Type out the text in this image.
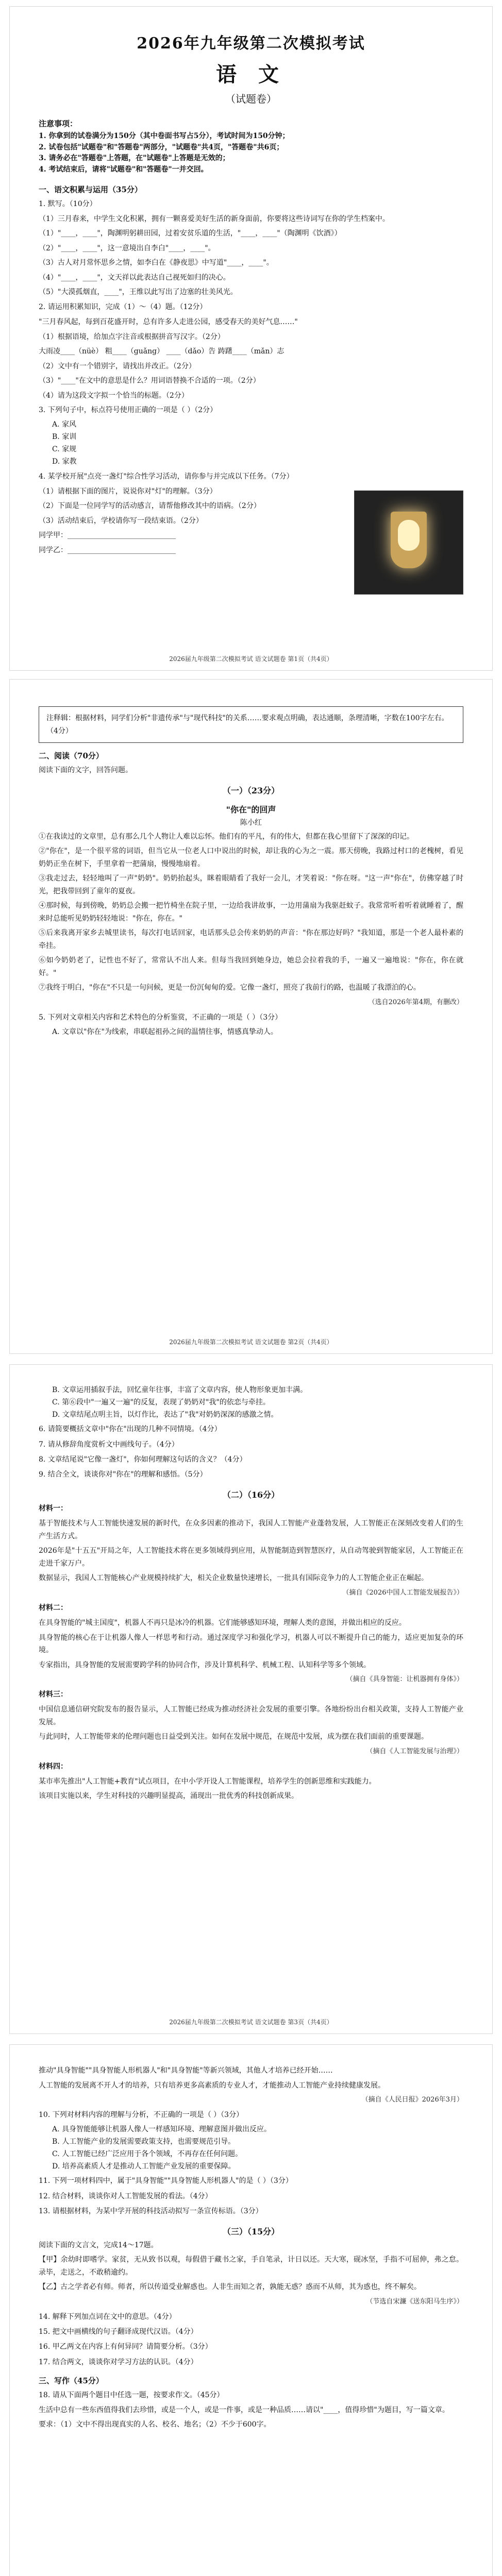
2026年九年级第二次模拟考试
语 文
（试题卷）
注意事项：
1. 你拿到的试卷满分为150分（其中卷面书写占5分），考试时间为150分钟；
2. 试卷包括"试题卷"和"答题卷"两部分，"试题卷"共4页，"答题卷"共6页；
3. 请务必在"答题卷"上答题，在"试题卷"上答题是无效的；
4. 考试结束后，请将"试题卷"和"答题卷"一并交回。
一、语文积累与运用（35分）
1. 默写。（10分）
（1）三月春来，中学生文化积累，拥有一颗喜爱美好生活的新身面前，你要将这些诗词写在你的学生档案中。
（1）"____，____"，陶渊明躬耕田园，过着安贫乐道的生活，"____，____"（陶渊明《饮酒》）
（2）"____，____"，这一意境出自李白"____，____"。
（3）古人对月常怀思乡之情，如李白在《静夜思》中写道"____，____"。
（4）"____，____"，文天祥以此表达自己视死如归的决心。
（5）"大漠孤烟直，____"，王维以此写出了边塞的壮美风光。
2. 请运用积累知识，完成（1）～（4）题。（12分）
"三月春风起，每到百花盛开时，总有许多人走进公园，感受春天的美好气息……"
（1）根据语境，给加点字注音或根据拼音写汉字。（2分）
大雨凌____（nüè） 粗____（guǎng） ____（dǎo）告 踌躇____（mǎn）志
（2）文中有一个错别字，请找出并改正。（2分）
（3）"____"在文中的意思是什么？用词语替换不合适的一项。（2分）
（4）请为这段文字拟一个恰当的标题。（2分）
3. 下列句子中，标点符号使用正确的一项是（ ）（2分）
A. 家风
B. 家训
C. 家规
D. 家教
4. 某学校开展"点亮一盏灯"综合性学习活动，请你参与并完成以下任务。（7分）
（1）请根据下面的图片，说说你对"灯"的理解。（3分）
（2）下面是一位同学写的活动感言，请帮他修改其中的语病。（2分）
（3）活动结束后，学校请你写一段结束语。（2分）
同学甲：______________________________
同学乙：______________________________
2026届九年级第二次模拟考试 语文试题卷 第1页（共4页）
注释辑：根据材料，同学们分析"非遗传承"与"现代科技"的关系……要求观点明确，表达通顺，条理清晰，字数在100字左右。（4分）
二、阅读（70分）
阅读下面的文字，回答问题。
（一）（23分）
"你在"的回声
陈小红
①在我读过的文章里，总有那么几个人物让人难以忘怀。他们有的平凡，有的伟大，但都在我心里留下了深深的印记。
②"你在"，是一个很平常的词语，但当它从一位老人口中说出的时候，却让我的心为之一震。那天傍晚，我路过村口的老槐树，看见奶奶正坐在树下，手里拿着一把蒲扇，慢慢地扇着。
③我走过去，轻轻地叫了一声"奶奶"。奶奶抬起头，眯着眼睛看了我好一会儿，才笑着说："你在呀。"这一声"你在"，仿佛穿越了时光，把我带回到了童年的夏夜。
④那时候，每到傍晚，奶奶总会搬一把竹椅坐在院子里，一边给我讲故事，一边用蒲扇为我驱赶蚊子。我常常听着听着就睡着了，醒来时总能听见奶奶轻轻地说："你在，你在。"
⑤后来我离开家乡去城里读书，每次打电话回家，电话那头总会传来奶奶的声音："你在那边好吗？"我知道，那是一个老人最朴素的牵挂。
⑥如今奶奶老了，记性也不好了，常常认不出人来。但每当我回到她身边，她总会拉着我的手，一遍又一遍地说："你在，你在就好。"
⑦我终于明白，"你在"不只是一句问候，更是一份沉甸甸的爱。它像一盏灯，照亮了我前行的路，也温暖了我漂泊的心。
（选自2026年第4期，有删改）
5. 下列对文章相关内容和艺术特色的分析鉴赏，不正确的一项是（ ）（3分）
A. 文章以"你在"为线索，串联起祖孙之间的温情往事，情感真挚动人。
2026届九年级第二次模拟考试 语文试题卷 第2页（共4页）
B. 文章运用插叙手法，回忆童年往事，丰富了文章内容，使人物形象更加丰满。
C. 第⑥段中"一遍又一遍"的反复，表现了奶奶对"我"的依恋与牵挂。
D. 文章结尾点明主旨，以灯作比，表达了"我"对奶奶深深的感激之情。
6. 请简要概括文章中"你在"出现的几种不同情境。（4分）
7. 请从修辞角度赏析文中画线句子。（4分）
8. 文章结尾说"它像一盏灯"，你如何理解这句话的含义？（4分）
9. 结合全文，谈谈你对"你在"的理解和感悟。（5分）
（二）（16分）
材料一：
基于智能技术与人工智能快速发展的新时代，在众多因素的推动下，我国人工智能产业蓬勃发展，人工智能正在深刻改变着人们的生产生活方式。
2026年是"十五五"开局之年，人工智能技术将在更多领域得到应用，从智能制造到智慧医疗，从自动驾驶到智能家居，人工智能正在走进千家万户。
数据显示，我国人工智能核心产业规模持续扩大，相关企业数量快速增长，一批具有国际竞争力的人工智能企业正在崛起。
（摘自《2026中国人工智能发展报告》）
材料二：
在具身智能的"城主国度"，机器人不再只是冰冷的机器。它们能够感知环境，理解人类的意图，并做出相应的反应。
具身智能的核心在于让机器人像人一样思考和行动。通过深度学习和强化学习，机器人可以不断提升自己的能力，适应更加复杂的环境。
专家指出，具身智能的发展需要跨学科的协同合作，涉及计算机科学、机械工程、认知科学等多个领域。
（摘自《具身智能：让机器拥有身体》）
材料三：
中国信息通信研究院发布的报告显示，人工智能已经成为推动经济社会发展的重要引擎。各地纷纷出台相关政策，支持人工智能产业发展。
与此同时，人工智能带来的伦理问题也日益受到关注。如何在发展中规范，在规范中发展，成为摆在我们面前的重要课题。
（摘自《人工智能发展与治理》）
材料四：
某市率先推出"人工智能+教育"试点项目，在中小学开设人工智能课程，培养学生的创新思维和实践能力。
该项目实施以来，学生对科技的兴趣明显提高，涌现出一批优秀的科技创新成果。
2026届九年级第二次模拟考试 语文试题卷 第3页（共4页）
推动"具身智能""具身智能人形机器人"和"具身智能"等新兴领域，其他人才培养已经开始……
人工智能的发展离不开人才的培养，只有培养更多高素质的专业人才，才能推动人工智能产业持续健康发展。
（摘自《人民日报》2026年3月）
10. 下列对材料内容的理解与分析，不正确的一项是（ ）（3分）
A. 具身智能能够让机器人像人一样感知环境、理解意图并做出反应。
B. 人工智能产业的发展需要政策支持，也需要规范引导。
C. 人工智能已经广泛应用于各个领域，不再存在任何问题。
D. 培养高素质人才是推动人工智能产业发展的重要保障。
11. 下列一项材料四中，属于"具身智能""具身智能人形机器人"的是（ ）（3分）
12. 结合材料，谈谈你对人工智能发展的看法。（4分）
13. 请根据材料，为某中学开展的科技活动拟写一条宣传标语。（3分）
（三）（15分）
阅读下面的文言文，完成14～17题。
【甲】余幼时即嗜学。家贫，无从致书以观，每假借于藏书之家，手自笔录，计日以还。天大寒，砚冰坚，手指不可屈伸，弗之怠。录毕，走送之，不敢稍逾约。
【乙】古之学者必有师。师者，所以传道受业解惑也。人非生而知之者，孰能无惑？惑而不从师，其为惑也，终不解矣。
（节选自宋濂《送东阳马生序》）
14. 解释下列加点词在文中的意思。（4分）
15. 把文中画横线的句子翻译成现代汉语。（4分）
16. 甲乙两文在内容上有何异同？请简要分析。（3分）
17. 结合两文，谈谈你对学习方法的认识。（4分）
三、写作（45分）
18. 请从下面两个题目中任选一题，按要求作文。（45分）
生活中总有一些东西值得我们去珍惜，或是一个人，或是一件事，或是一种品质……请以"____，值得珍惜"为题目，写一篇文章。
要求：（1）文中不得出现真实的人名、校名、地名；（2）不少于600字。
